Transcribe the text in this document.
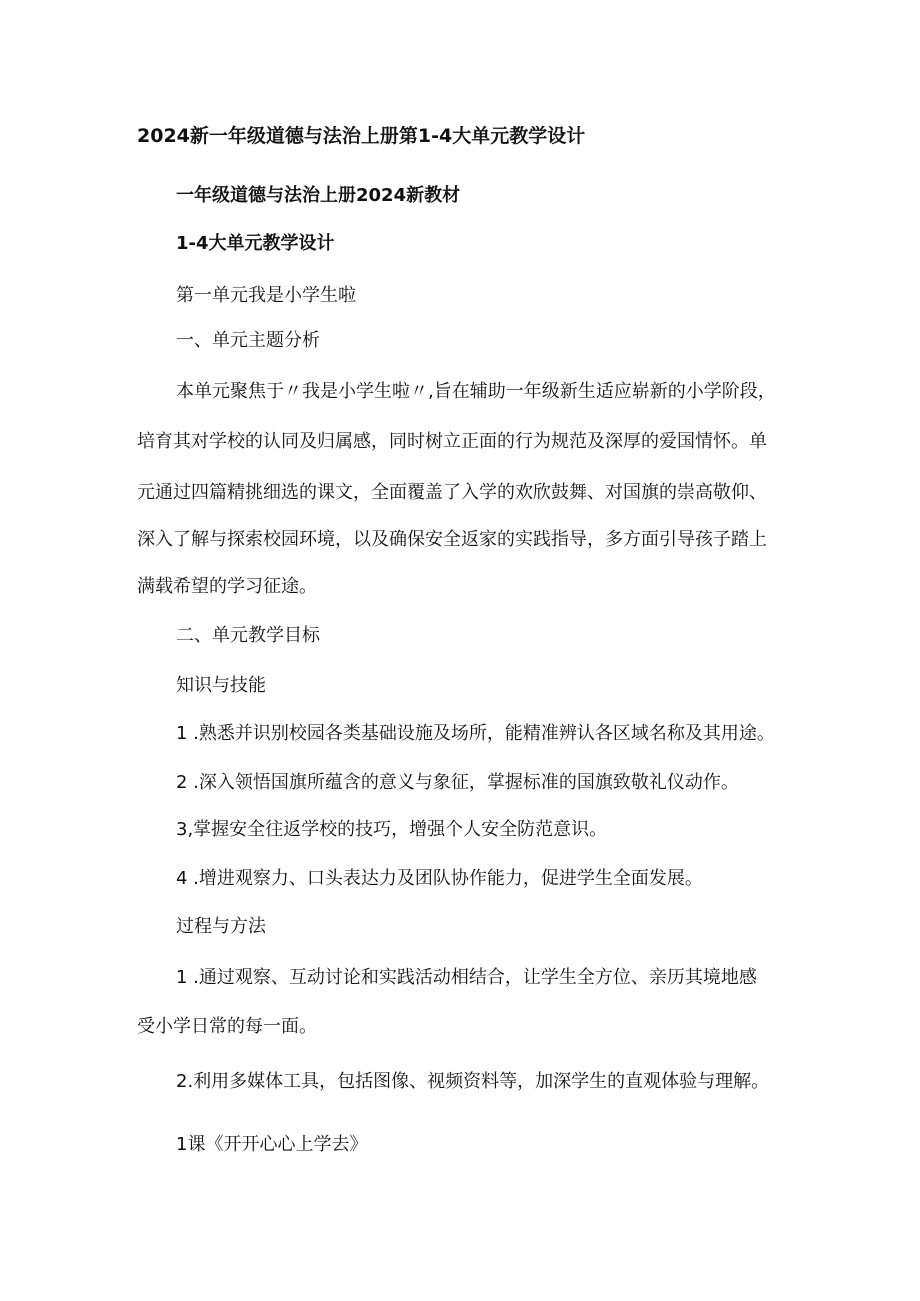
2024新一年级道德与法治上册第1-4大单元教学设计
一年级道德与法治上册2024新教材
1-4大单元教学设计
第一单元我是小学生啦
一、单元主题分析
本单元聚焦于〃我是小学生啦〃,旨在辅助一年级新生适应崭新的小学阶段，
培育其对学校的认同及归属感，同时树立正面的行为规范及深厚的爱国情怀。单
元通过四篇精挑细选的课文，全面覆盖了入学的欢欣鼓舞、对国旗的崇高敬仰、
深入了解与探索校园环境，以及确保安全返家的实践指导，多方面引导孩子踏上
满载希望的学习征途。
二、单元教学目标
知识与技能
1 .熟悉并识别校园各类基础设施及场所，能精准辨认各区域名称及其用途。
2 .深入领悟国旗所蕴含的意义与象征，掌握标准的国旗致敬礼仪动作。
3,掌握安全往返学校的技巧，增强个人安全防范意识。
4 .增进观察力、口头表达力及团队协作能力，促进学生全面发展。
过程与方法
1 .通过观察、互动讨论和实践活动相结合，让学生全方位、亲历其境地感
受小学日常的每一面。
2.利用多媒体工具，包括图像、视频资料等，加深学生的直观体验与理解。
1课《开开心心上学去》
